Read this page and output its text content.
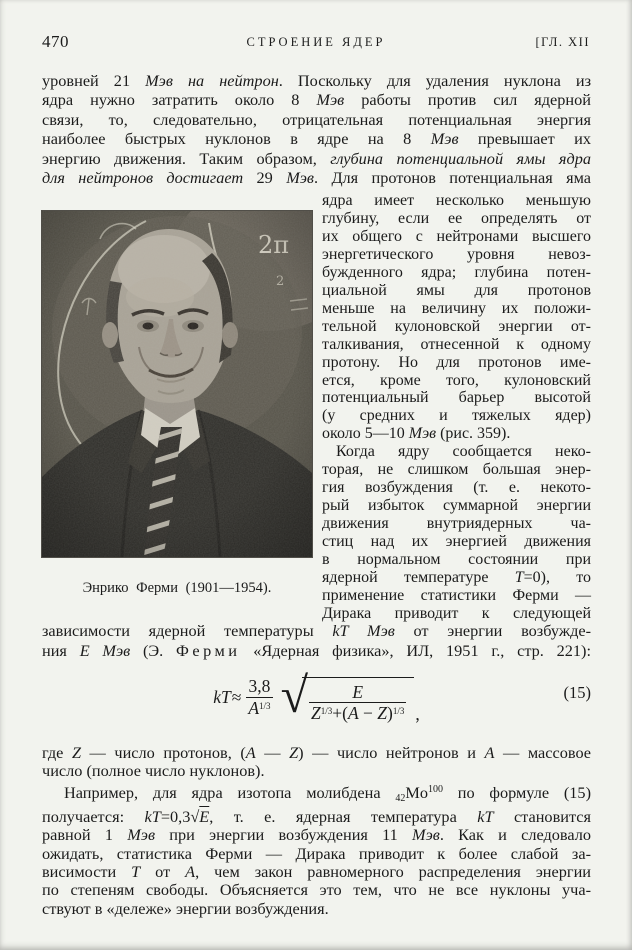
470	СТРОЕНИЕ ЯДЕР	[ГЛ. XII
уровней 21 Мэв на нейтрон. Поскольку для удаления нуклона из
ядра нужно затратить около 8 Мэв работы против сил ядерной
связи, то, следовательно, отрицательная потенциальная энергия
наиболее быстрых нуклонов в ядре на 8 Мэв превышает их
энергию движения. Таким образом, глубина потенциальной ямы ядра
для нейтронов достигает 29 Мэв. Для протонов потенциальная яма
Энрико Ферми (1901—1954).
ядра имеет несколько меньшую
глубину, если ее определять от
их общего с нейтронами высшего
энергетического уровня невоз-
бужденного ядра; глубина потен-
циальной ямы для протонов
меньше на величину их положи-
тельной кулоновской энергии от-
талкивания, отнесенной к одному
протону. Но для протонов име-
ется, кроме того, кулоновский
потенциальный барьер высотой
(у средних и тяжелых ядер)
около 5—10 Мэв (рис. 359).
Когда ядру сообщается неко-
торая, не слишком большая энер-
гия возбуждения (т. е. некото-
рый избыток суммарной энергии
движения внутриядерных ча-
стиц над их энергией движения
в нормальном состоянии при
ядерной температуре T=0), то
применение статистики Ферми —
Дирака приводит к следующей
зависимости ядерной температуры kT Мэв от энергии возбужде-
ния E Мэв (Э. Ферми «Ядерная физика», ИЛ, 1951 г., стр. 221):
kT ≈ $\frac{3,8}{A^{1/3}}$ √ $\frac{E}{Z^{1/3}+(A - Z)^{1/3}}$ ,
(15)
где Z — число протонов, (A — Z) — число нейтронов и A — массовое
число (полное число нуклонов).
Например, для ядра изотопа молибдена $_{42}Mo^{100}$ по формуле (15)
получается: kT=0,3√E, т. е. ядерная температура kT становится
равной 1 Мэв при энергии возбуждения 11 Мэв. Как и следовало
ожидать, статистика Ферми — Дирака приводит к более слабой за-
висимости T от A, чем закон равномерного распределения энергии
по степеням свободы. Объясняется это тем, что не все нуклоны уча-
ствуют в «дележе» энергии возбуждения.
